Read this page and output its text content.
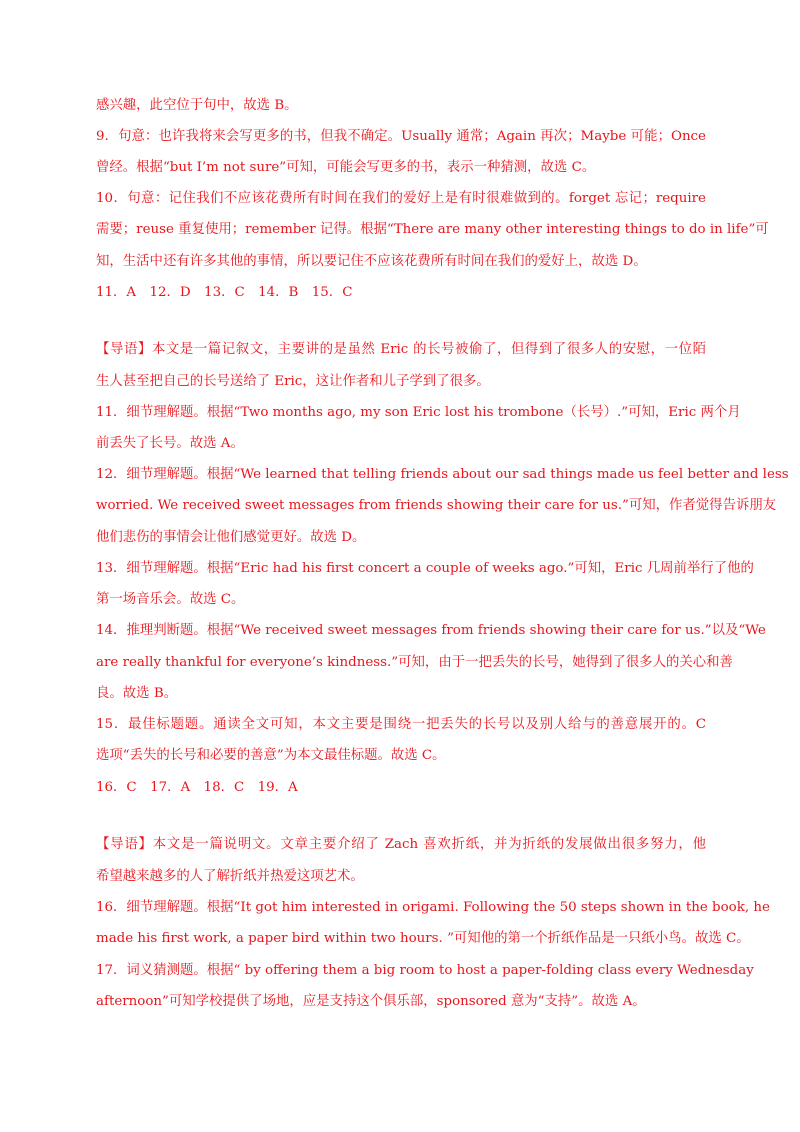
感兴趣，此空位于句中，故选 B。
9．句意：也许我将来会写更多的书，但我不确定。Usually 通常；Again 再次；Maybe 可能；Once
曾经。根据“but I’m not sure”可知，可能会写更多的书，表示一种猜测，故选 C。
10．句意：记住我们不应该花费所有时间在我们的爱好上是有时很难做到的。forget 忘记；require
需要；reuse 重复使用；remember 记得。根据“There are many other interesting things to do in life”可
知，生活中还有许多其他的事情，所以要记住不应该花费所有时间在我们的爱好上，故选 D。
11．A　12．D　13．C　14．B　15．C
【导语】本文是一篇记叙文，主要讲的是虽然 Eric 的长号被偷了，但得到了很多人的安慰，一位陌
生人甚至把自己的长号送给了 Eric，这让作者和儿子学到了很多。
11．细节理解题。根据“Two months ago, my son Eric lost his trombone（长号）.”可知，Eric 两个月
前丢失了长号。故选 A。
12．细节理解题。根据“We learned that telling friends about our sad things made us feel better and less
worried. We received sweet messages from friends showing their care for us.”可知，作者觉得告诉朋友
他们悲伤的事情会让他们感觉更好。故选 D。
13．细节理解题。根据“Eric had his first concert a couple of weeks ago.”可知，Eric 几周前举行了他的
第一场音乐会。故选 C。
14．推理判断题。根据“We received sweet messages from friends showing their care for us.”以及“We
are really thankful for everyone’s kindness.”可知，由于一把丢失的长号，她得到了很多人的关心和善
良。故选 B。
15．最佳标题题。通读全文可知，本文主要是围绕一把丢失的长号以及别人给与的善意展开的。C
选项“丢失的长号和必要的善意”为本文最佳标题。故选 C。
16．C　17．A　18．C　19．A
【导语】本文是一篇说明文。文章主要介绍了 Zach 喜欢折纸，并为折纸的发展做出很多努力，他
希望越来越多的人了解折纸并热爱这项艺术。
16．细节理解题。根据“It got him interested in origami. Following the 50 steps shown in the book, he
made his first work, a paper bird within two hours. ”可知他的第一个折纸作品是一只纸小鸟。故选 C。
17．词义猜测题。根据“ by offering them a big room to host a paper-folding class every Wednesday
afternoon”可知学校提供了场地，应是支持这个俱乐部，sponsored 意为“支持”。故选 A。
